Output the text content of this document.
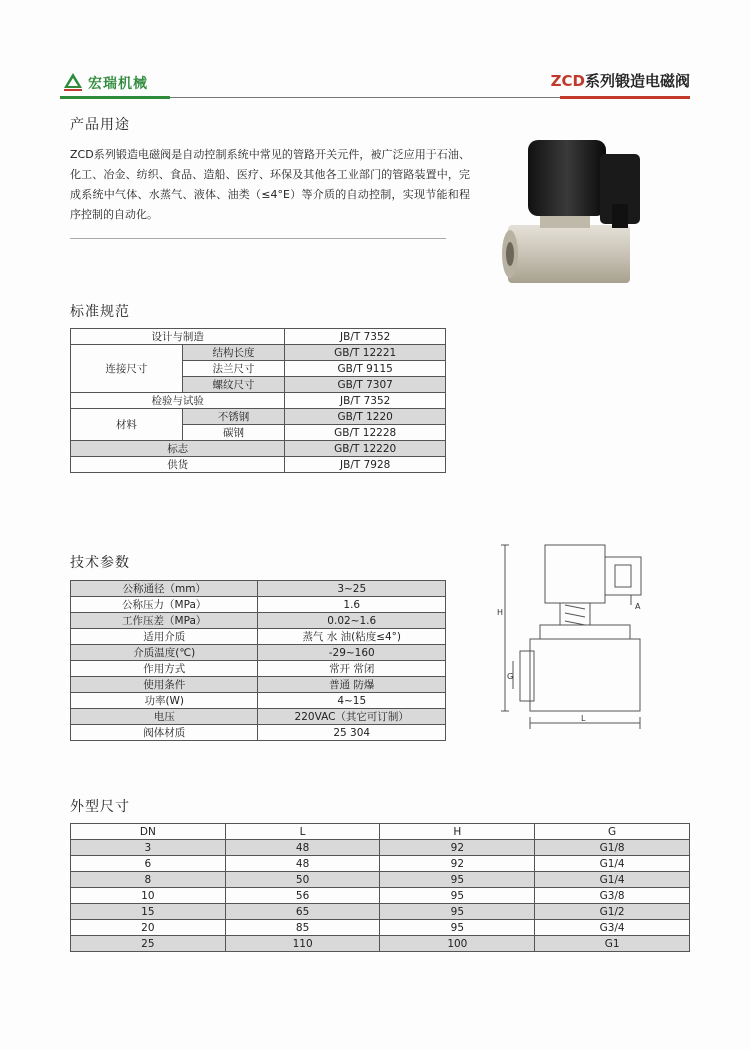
宏瑞机械	ZCD系列锻造电磁阀
产品用途
ZCD系列锻造电磁阀是自动控制系统中常见的管路开关元件，被广泛应用于石油、化工、冶金、纺织、食品、造船、医疗、环保及其他各工业部门的管路装置中，完成系统中气体、水蒸气、液体、油类（≤4°E）等介质的自动控制，实现节能和程序控制的自动化。
标准规范
设计与制造		JB/T 7352
连接尺寸	结构长度	GB/T 12221
	法兰尺寸	GB/T 9115
	螺纹尺寸	GB/T 7307
检验与试验		JB/T 7352
材料	不锈钢	GB/T 1220
	碳钢	GB/T 12228
标志		GB/T 12220
供货		JB/T 7928
技术参数
公称通径（mm）	3~25
公称压力（MPa）	1.6
工作压差（MPa）	0.02~1.6
适用介质	蒸气 水 油(粘度≤4°)
介质温度(℃)	-29~160
作用方式	常开 常闭
使用条件	普通 防爆
功率(W)	4~15
电压	220VAC（其它可订制）
阀体材质	25 304
H
A
G
L
外型尺寸
DN	L	H	G
3	48	92	G1/8
6	48	92	G1/4
8	50	95	G1/4
10	56	95	G3/8
15	65	95	G1/2
20	85	95	G3/4
25	110	100	G1
